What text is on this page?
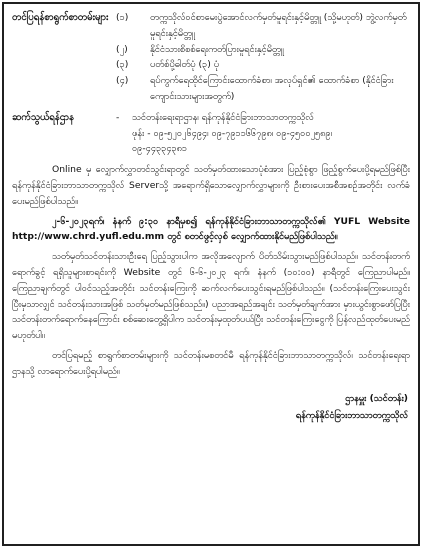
တင်ပြရန်စာရွက်စာတမ်းများ (၁)	တက္ကသိုလ်ဝင်စာမေးပွဲအောင်လက်မှတ်မူရင်းနှင့်မိတ္တူ (သို့မဟုတ်) ဘွဲ့လက်မှတ်မူရင်းနှင့်မိတ္တူ
(၂)	နိုင်ငံသားစိစစ်ရေးကတ်ပြားမူရင်းနှင့်မိတ္တူ
(၃)	ပတ်စ်ပို့ဓါတ်ပုံ (၃) ပုံ
(၄)	ရပ်ကွက်ရေထိုင်ကြောင်းထောက်ခံစာ၊ အလုပ်ရှင်၏ ထောက်ခံစာ (နိုင်ငံခြားကျောင်းသားများအတွက်)
ဆက်သွယ်ရန်ဌာန	-	သင်တန်းရေးရာဌာန၊ ရန်ကုန်နိုင်ငံခြားဘာသာတက္ကသိုလ်
ဖုန်း - ၀၉-၅၂၀၂၆၄၉၄၊ ၀၉-၇၉၁၁၆၆၇၉၈၊ ၀၉-၄၅၀၀၂၅၈၉၊
၀၉-၄၄၃၃၄၃၈၁

Online မှ လျှောက်လွှာတင်သွင်းရာတွင် သတ်မှတ်ထားသောပုံစံအား ပြည့်စုံစွာ ဖြည့်စွက်ပေးပို့ရမည်ဖြစ်ပြီး ရန်ကုန်နိုင်ငံခြားဘာသာတက္ကသိုလ် Serverသို့ အရောက်ရှိသောလျှောက်လွှာများကို ဦးစားပေးအစီအစဉ်အတိုင်း လက်ခံပေးမည်ဖြစ်ပါသည်။

၂-၆-၂၀၂၃ရက်၊ နံနက် ၉:၃၀ နာရီမှစ၍ ရန်ကုန်နိုင်ငံခြားဘာသာတက္ကသိုလ်၏ YUFL Website http://www.chrd.yufl.edu.mm တွင် စတင်ဖွင့်လှစ် လျှောက်ထားနိုင်မည်ဖြစ်ပါသည်။

သတ်မှတ်သင်တန်းသားဦးရေ ပြည့်သွားပါက အလိုအလျောက် ပိတ်သိမ်းသွားမည်ဖြစ်ပါသည်။ သင်တန်းတက်ရောက်ခွင့် ရရှိသူများစာရင်းကို Website တွင် ၆-၆-၂၀၂၃ ရက်၊ နံနက် (၁၀:၀၀) နာရီတွင် ကြေညာပါမည်။ ကြေညာချက်တွင် ပါဝင်သည့်အတိုင်း သင်တန်းကြေးကို ဆက်လက်ပေးသွင်းရမည်ဖြစ်ပါသည်။ (သင်တန်းကြေးပေးသွင်းပြီးမှသာလျှင် သင်တန်းသားအဖြစ် သတ်မှတ်မည်ဖြစ်သည်။) ပညာအရည်အချင်း သတ်မှတ်ချက်အား မှားယွင်းစွာဖော်ပြပြီး သင်တန်းတက်ရောက်နေကြောင်း စစ်ဆေးတွေ့ရှိပါက သင်တန်းမှထုတ်ပယ်ပြီး သင်တန်းကြေးငွေကို ပြန်လည်ထုတ်ပေးမည်မဟုတ်ပါ။

တင်ပြရမည့် စာရွက်စာတမ်းများကို သင်တန်းမစတင်မီ ရန်ကုန်နိုင်ငံခြားဘာသာတက္ကသိုလ်၊ သင်တန်းရေးရာဌာနသို့ လာရောက်ပေးပို့ရပါမည်။

ဌာနမှူး (သင်တန်း)
ရန်ကုန်နိုင်ငံခြားဘာသာတက္ကသိုလ်
